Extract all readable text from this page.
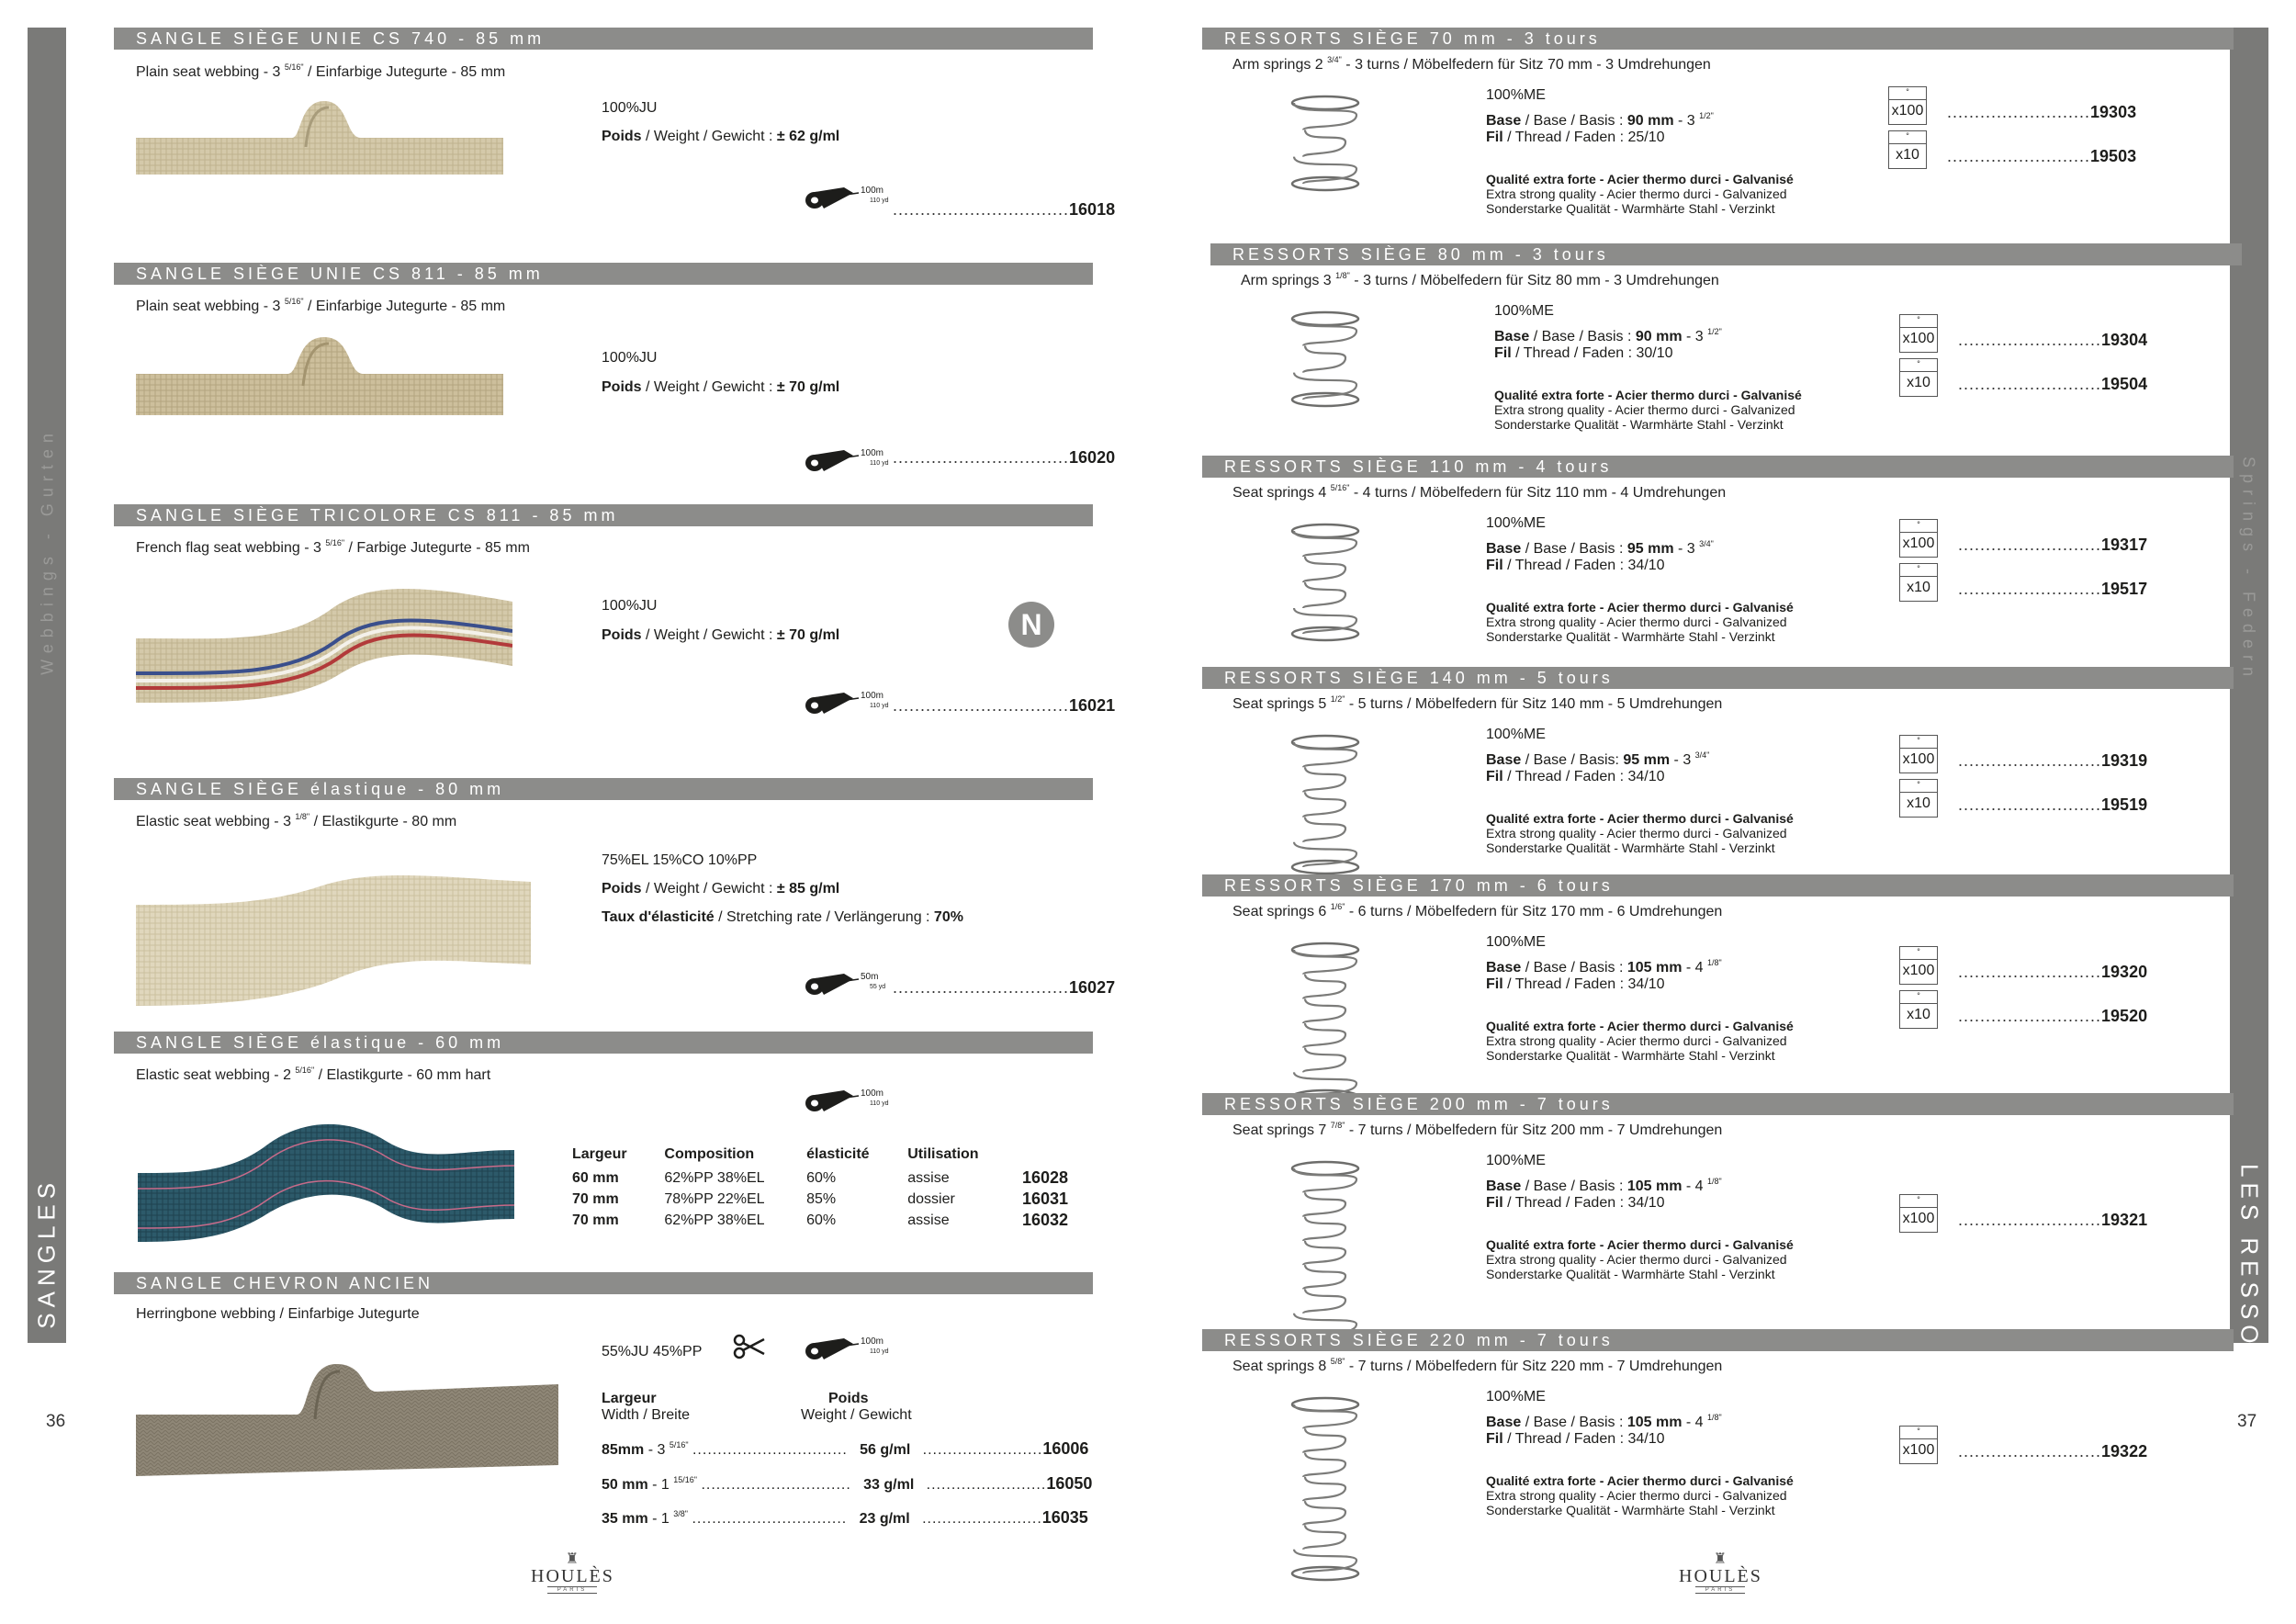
LES SANGLES
Webbings - Gurten
36
SANGLE SIÈGE UNIE CS 740 - 85 mm
Plain seat webbing - 3 $^{5/16"}$ / Einfarbige Jutegurte - 85 mm
100%JU
Poids / Weight / Gewicht : ± 62 g/ml
100m
110 yd ................................16018
SANGLE SIÈGE UNIE CS 811 - 85 mm
Plain seat webbing - 3 $^{5/16"}$ / Einfarbige Jutegurte - 85 mm
100%JU
Poids / Weight / Gewicht : ± 70 g/ml
100m
110 yd ................................16020
SANGLE SIÈGE TRICOLORE CS 811 - 85 mm
French flag seat webbing - 3 $^{5/16"}$ / Farbige Jutegurte - 85 mm
100%JU
Poids / Weight / Gewicht : ± 70 g/ml	N
100m
110 yd ................................16021
SANGLE SIÈGE élastique - 80 mm
Elastic seat webbing - 3 $^{1/8"}$ / Elastikgurte - 80 mm
75%EL 15%CO 10%PP
Poids / Weight / Gewicht : ± 85 g/ml
Taux d'élasticité / Stretching rate / Verlängerung : 70%
50m
55 yd ................................16027
SANGLE SIÈGE élastique - 60 mm
Elastic seat webbing - 2 $^{5/16"}$ / Elastikgurte - 60 mm hart
100m
110 yd
Largeur	Composition	élasticité	Utilisation	
60 mm	62%PP 38%EL	60%	assise	16028
70 mm	78%PP 22%EL	85%	dossier	16031
70 mm	62%PP 38%EL	60%	assise	16032
SANGLE CHEVRON ANCIEN
Herringbone webbing / Einfarbige Jutegurte
55%JU 45%PP
100m
110 yd
Largeur
Width / Breite
Poids
Weight / Gewicht
85mm - 3 $^{5/16"}$ ............................... 56 g/ml ........................16006
50 mm - 1 $^{15/16"}$ .............................. 33 g/ml ........................16050
35 mm - 1 $^{3/8"}$ ............................... 23 g/ml ........................16035
♜
HOULÈS
PARIS
LES RESSORTS
Springs - Federn
37
RESSORTS SIÈGE 70 mm - 3 tours
Arm springs 2 $^{3/4"}$ - 3 turns / Möbelfedern für Sitz 70 mm - 3 Umdrehungen
100%ME
Base / Base / Basis : 90 mm - 3 $^{1/2"}$
Fil / Thread / Faden : 25/10
Qualité extra forte - Acier thermo durci - Galvanisé
Extra strong quality - Acier thermo durci - Galvanized
Sonderstarke Qualität - Warmhärte Stahl - Verzinkt
°
x100 ..........................19303
°
x10	..........................19503
RESSORTS SIÈGE 80 mm - 3 tours
Arm springs 3 $^{1/8"}$ - 3 turns / Möbelfedern für Sitz 80 mm - 3 Umdrehungen
100%ME
Base / Base / Basis : 90 mm - 3 $^{1/2"}$
Fil / Thread / Faden : 30/10
Qualité extra forte - Acier thermo durci - Galvanisé
Extra strong quality - Acier thermo durci - Galvanized
Sonderstarke Qualität - Warmhärte Stahl - Verzinkt
°
x100 ..........................19304
°
x10	..........................19504
RESSORTS SIÈGE 110 mm - 4 tours
Seat springs 4 $^{5/16"}$ - 4 turns / Möbelfedern für Sitz 110 mm - 4 Umdrehungen
100%ME
Base / Base / Basis : 95 mm - 3 $^{3/4"}$
Fil / Thread / Faden : 34/10
Qualité extra forte - Acier thermo durci - Galvanisé
Extra strong quality - Acier thermo durci - Galvanized
Sonderstarke Qualität - Warmhärte Stahl - Verzinkt
°
x100 ..........................19317
°
x10	..........................19517
RESSORTS SIÈGE 140 mm - 5 tours
Seat springs 5 $^{1/2"}$ - 5 turns / Möbelfedern für Sitz 140 mm - 5 Umdrehungen
100%ME
Base / Base / Basis: 95 mm - 3 $^{3/4"}$
Fil / Thread / Faden : 34/10
Qualité extra forte - Acier thermo durci - Galvanisé
Extra strong quality - Acier thermo durci - Galvanized
Sonderstarke Qualität - Warmhärte Stahl - Verzinkt
°
x100 ..........................19319
°
x10	..........................19519
RESSORTS SIÈGE 170 mm - 6 tours
Seat springs 6 $^{1/6"}$ - 6 turns / Möbelfedern für Sitz 170 mm - 6 Umdrehungen
100%ME
Base / Base / Basis : 105 mm - 4 $^{1/8"}$
Fil / Thread / Faden : 34/10
Qualité extra forte - Acier thermo durci - Galvanisé
Extra strong quality - Acier thermo durci - Galvanized
Sonderstarke Qualität - Warmhärte Stahl - Verzinkt
°
x100 ..........................19320
°
x10	..........................19520
RESSORTS SIÈGE 200 mm - 7 tours
Seat springs 7 $^{7/8"}$ - 7 turns / Möbelfedern für Sitz 200 mm - 7 Umdrehungen
100%ME
Base / Base / Basis : 105 mm - 4 $^{1/8"}$
Fil / Thread / Faden : 34/10
Qualité extra forte - Acier thermo durci - Galvanisé
Extra strong quality - Acier thermo durci - Galvanized
Sonderstarke Qualität - Warmhärte Stahl - Verzinkt
°
x100 ..........................19321
RESSORTS SIÈGE 220 mm - 7 tours
Seat springs 8 $^{5/8"}$ - 7 turns / Möbelfedern für Sitz 220 mm - 7 Umdrehungen
100%ME
Base / Base / Basis : 105 mm - 4 $^{1/8"}$
Fil / Thread / Faden : 34/10
Qualité extra forte - Acier thermo durci - Galvanisé
Extra strong quality - Acier thermo durci - Galvanized
Sonderstarke Qualität - Warmhärte Stahl - Verzinkt
°
x100 ..........................19322
♜
HOULÈS
PARIS
